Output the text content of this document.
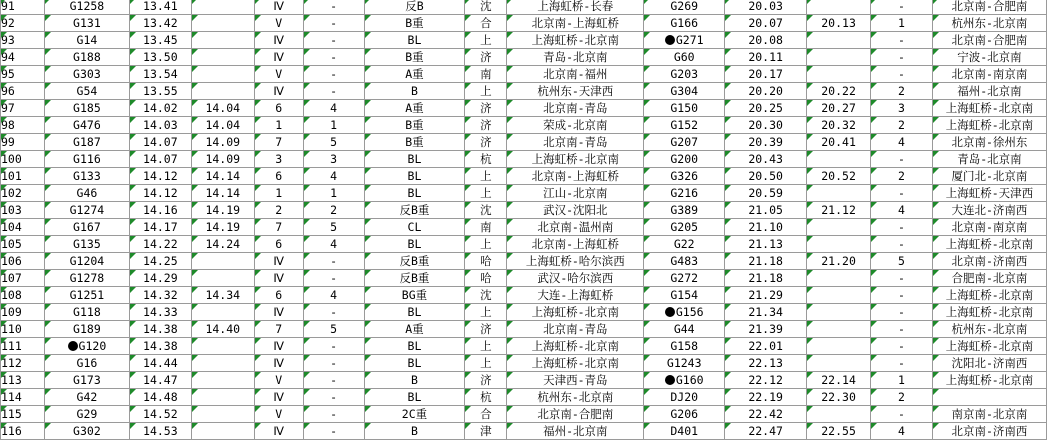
91	G1258	13.41		Ⅳ	-	反B	沈	上海虹桥-长春	G269	20.03		-	北京南-合肥南
92	G131	13.42		V	-	B重	合	北京南-上海虹桥	G166	20.07	20.13	1	杭州东-北京南
93	G14	13.45		Ⅳ	-	BL	上	上海虹桥-北京南	G271	20.08		-	北京南-合肥南
94	G188	13.50		Ⅳ	-	B重	济	青岛-北京南	G60	20.11		-	宁波-北京南
95	G303	13.54		V	-	A重	南	北京南-福州	G203	20.17		-	北京南-南京南
96	G54	13.55		Ⅳ	-	B	上	杭州东-天津西	G304	20.20	20.22	2	福州-北京南
97	G185	14.02	14.04	6	4	A重	济	北京南-青岛	G150	20.25	20.27	3	上海虹桥-北京南
98	G476	14.03	14.04	1	1	B重	济	荣成-北京南	G152	20.30	20.32	2	上海虹桥-北京南
99	G187	14.07	14.09	7	5	B重	济	北京南-青岛	G207	20.39	20.41	4	北京南-徐州东
100	G116	14.07	14.09	3	3	BL	杭	上海虹桥-北京南	G200	20.43		-	青岛-北京南
101	G133	14.12	14.14	6	4	BL	上	北京南-上海虹桥	G326	20.50	20.52	2	厦门北-北京南
102	G46	14.12	14.14	1	1	BL	上	江山-北京南	G216	20.59		-	上海虹桥-天津西
103	G1274	14.16	14.19	2	2	反B重	沈	武汉-沈阳北	G389	21.05	21.12	4	大连北-济南西
104	G167	14.17	14.19	7	5	CL	南	北京南-温州南	G205	21.10		-	北京南-南京南
105	G135	14.22	14.24	6	4	BL	上	北京南-上海虹桥	G22	21.13		-	上海虹桥-北京南
106	G1204	14.25		Ⅳ	-	反B重	哈	上海虹桥-哈尔滨西	G483	21.18	21.20	5	北京南-济南西
107	G1278	14.29		Ⅳ	-	反B重	哈	武汉-哈尔滨西	G272	21.18		-	合肥南-北京南
108	G1251	14.32	14.34	6	4	BG重	沈	大连-上海虹桥	G154	21.29		-	上海虹桥-北京南
109	G118	14.33		Ⅳ	-	BL	上	上海虹桥-北京南	G156	21.34		-	上海虹桥-北京南
110	G189	14.38	14.40	7	5	A重	济	北京南-青岛	G44	21.39		-	杭州东-北京南
111	G120	14.38		Ⅳ	-	BL	上	上海虹桥-北京南	G158	22.01		-	上海虹桥-北京南
112	G16	14.44		Ⅳ	-	BL	上	上海虹桥-北京南	G1243	22.13		-	沈阳北-济南西
113	G173	14.47		V	-	B	济	天津西-青岛	G160	22.12	22.14	1	上海虹桥-北京南
114	G42	14.48		Ⅳ	-	BL	杭	杭州东-北京南	DJ20	22.19	22.30	2	
115	G29	14.52		V	-	2C重	合	北京南-合肥南	G206	22.42		-	南京南-北京南
116	G302	14.53		Ⅳ	-	B	津	福州-北京南	D401	22.47	22.55	4	北京南-济南西
